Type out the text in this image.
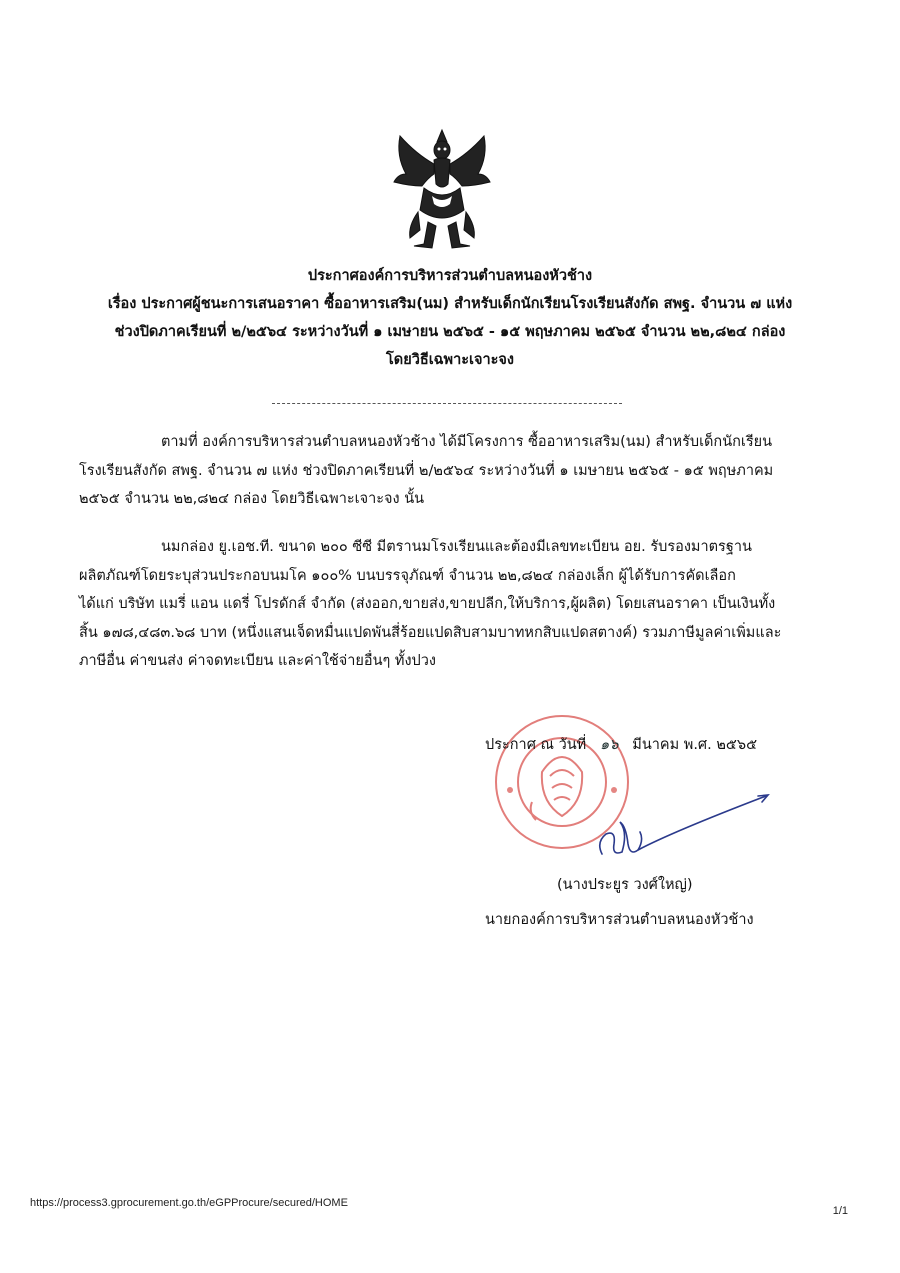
ประกาศองค์การบริหารส่วนตำบลหนองหัวช้าง
เรื่อง ประกาศผู้ชนะการเสนอราคา ซื้ออาหารเสริม(นม) สำหรับเด็กนักเรียนโรงเรียนสังกัด สพฐ. จำนวน ๗ แห่ง
ช่วงปิดภาคเรียนที่ ๒/๒๕๖๔ ระหว่างวันที่ ๑ เมษายน ๒๕๖๕ - ๑๕ พฤษภาคม ๒๕๖๕ จำนวน ๒๒,๘๒๔ กล่อง
โดยวิธีเฉพาะเจาะจง
ตามที่ องค์การบริหารส่วนตำบลหนองหัวช้าง ได้มีโครงการ ซื้ออาหารเสริม(นม) สำหรับเด็กนักเรียน
โรงเรียนสังกัด สพฐ. จำนวน ๗ แห่ง ช่วงปิดภาคเรียนที่ ๒/๒๕๖๔ ระหว่างวันที่ ๑ เมษายน ๒๕๖๕ - ๑๕ พฤษภาคม
๒๕๖๕ จำนวน ๒๒,๘๒๔ กล่อง โดยวิธีเฉพาะเจาะจง นั้น
นมกล่อง ยู.เอช.ที. ขนาด ๒๐๐ ซีซี มีตรานมโรงเรียนและต้องมีเลขทะเบียน อย. รับรองมาตรฐาน
ผลิตภัณฑ์โดยระบุส่วนประกอบนมโค ๑๐๐% บนบรรจุภัณฑ์ จำนวน ๒๒,๘๒๔ กล่องเล็ก ผู้ได้รับการคัดเลือก
ได้แก่ บริษัท แมรี่ แอน แดรี่ โปรดักส์ จำกัด (ส่งออก,ขายส่ง,ขายปลีก,ให้บริการ,ผู้ผลิต) โดยเสนอราคา เป็นเงินทั้ง
สิ้น ๑๗๘,๔๘๓.๖๘ บาท (หนึ่งแสนเจ็ดหมื่นแปดพันสี่ร้อยแปดสิบสามบาทหกสิบแปดสตางค์) รวมภาษีมูลค่าเพิ่มและ
ภาษีอื่น ค่าขนส่ง ค่าจดทะเบียน และค่าใช้จ่ายอื่นๆ ทั้งปวง
ประกาศ ณ วันที่ ๑๖ มีนาคม พ.ศ. ๒๕๖๕
(นางประยูร วงศ์ใหญ่)
นายกองค์การบริหารส่วนตำบลหนองหัวช้าง
https://process3.gprocurement.go.th/eGPProcure/secured/HOME
1/1
